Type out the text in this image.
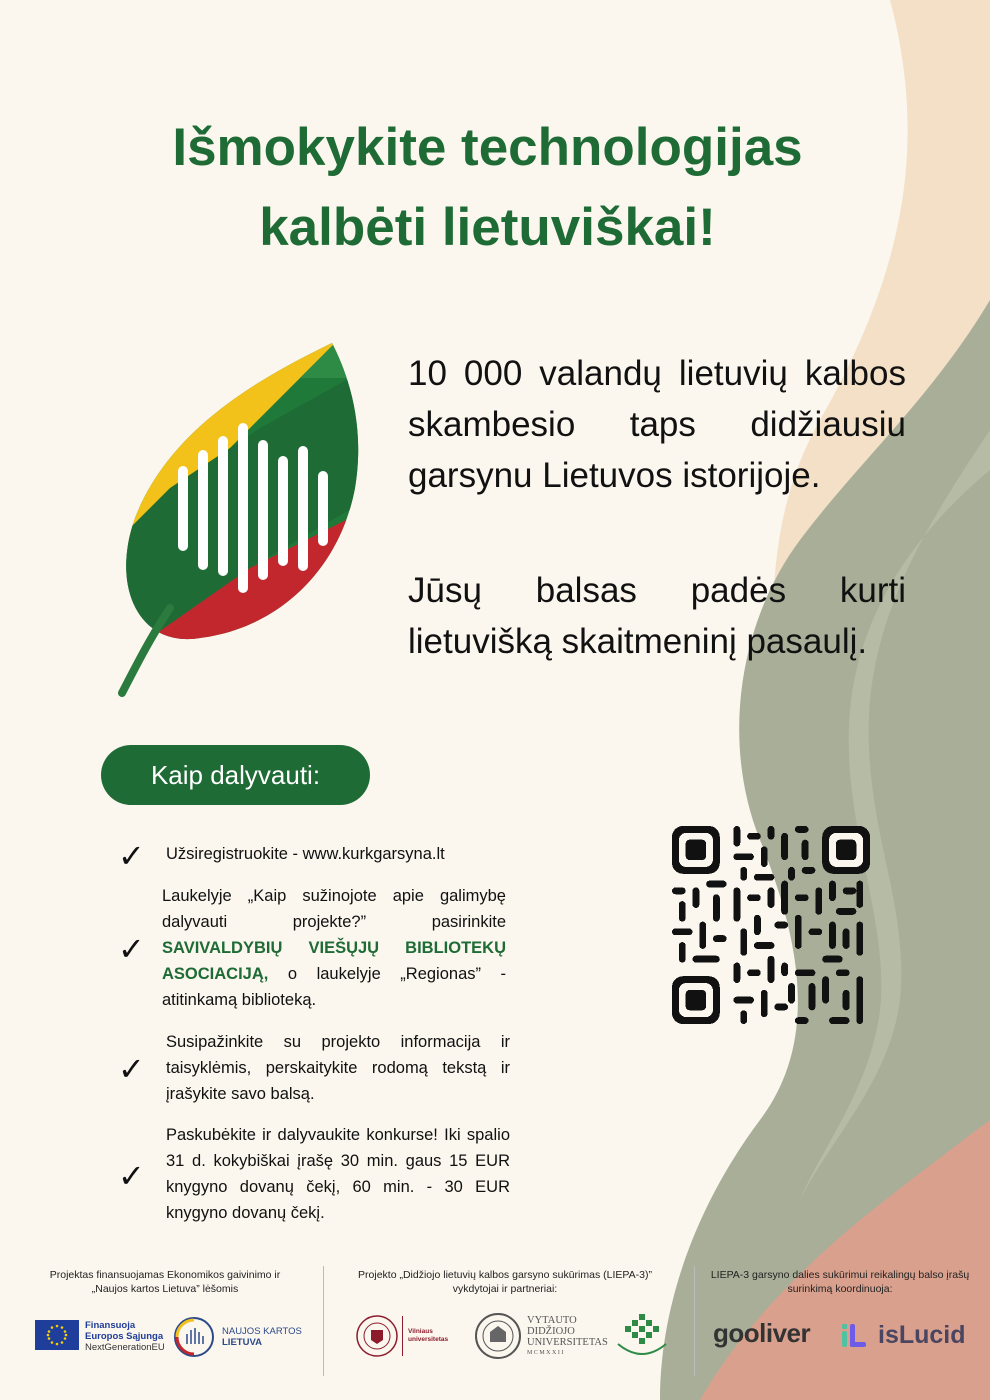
Išmokykite technologijas
kalbėti lietuviškai!

10 000 valandų lietuvių kalbos skambesio taps didžiausiu garsynu Lietuvos istorijoje.

Jūsų balsas padės kurti lietuvišką skaitmeninį pasaulį.

Kaip dalyvauti:
✓ Užsiregistruokite - www.kurkgarsyna.lt
✓
Laukelyje „Kaip sužinojote apie galimybę dalyvauti projekte?” pasirinkite SAVIVALDYBIŲ VIEŠŲJŲ BIBLIOTEKŲ ASOCIACIJĄ, o laukelyje „Regionas” - atitinkamą biblioteką.
✓
Susipažinkite su projekto informacija ir taisyklėmis, perskaitykite rodomą tekstą ir įrašykite savo balsą.
✓
Paskubėkite ir dalyvaukite konkurse! Iki spalio 31 d. kokybiškai įrašę 30 min. gaus 15 EUR knygyno dovanų čekį, 60 min. - 30 EUR knygyno dovanų čekį.
Projektas finansuojamas Ekonomikos gaivinimo ir „Naujos kartos Lietuva” lėšomis
Projekto „Didžiojo lietuvių kalbos garsyno sukūrimas (LIEPA-3)” vykdytojai ir partneriai:
LIEPA-3 garsyno dalies sukūrimui reikalingų balso įrašų surinkimą koordinuoja:
Finansuoja
Europos Sąjunga
NextGenerationEU
NAUJOS KARTOS
LIETUVA
Vilniaus
universitetas
VYTAUTO
DIDŽIOJO
UNIVERSITETAS
MCMXXII
gooliver	isLucid
